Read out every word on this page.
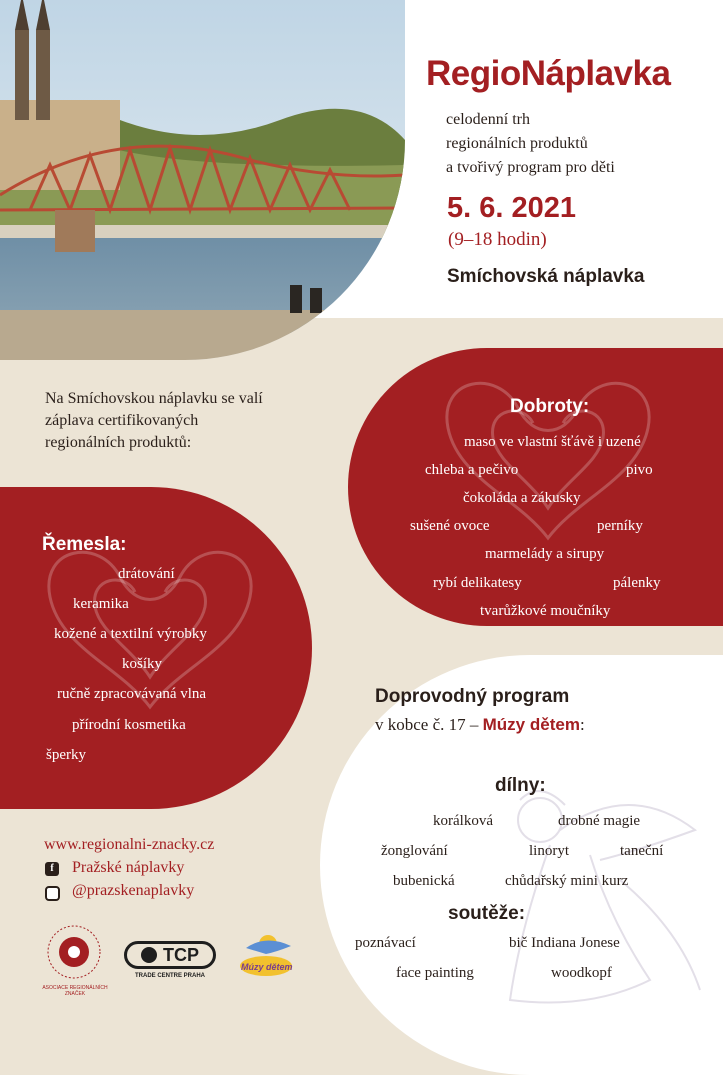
RegioNáplavka
celodenní trh
regionálních produktů
a tvořivý program pro děti
5. 6. 2021
(9–18 hodin)
Smíchovská náplavka
Na Smíchovskou náplavku se valí
záplava certifikovaných
regionálních produktů:
Dobroty:
maso ve vlastní šťávě i uzené
chleba a pečivo	pivo
čokoláda a zákusky
sušené ovoce	perníky
marmelády a sirupy
rybí delikatesy	pálenky
tvarůžkové moučníky
Řemesla:
drátování
keramika
kožené a textilní výrobky
košíky
ručně zpracovávaná vlna
přírodní kosmetika
šperky
Doprovodný program
v kobce č. 17 – Múzy dětem:
dílny:
korálková	drobné magie
žonglování	linoryt	taneční
bubenická	chůdařský mini kurz
soutěže:
poznávací	bič Indiana Jonese
face painting	woodkopf
www.regionalni-znacky.cz
f	Pražské náplavky
@prazskenaplavky
ASOCIACE REGIONÁLNÍCH ZNAČEK
TCP
TRADE CENTRE PRAHA
Múzy dětem
